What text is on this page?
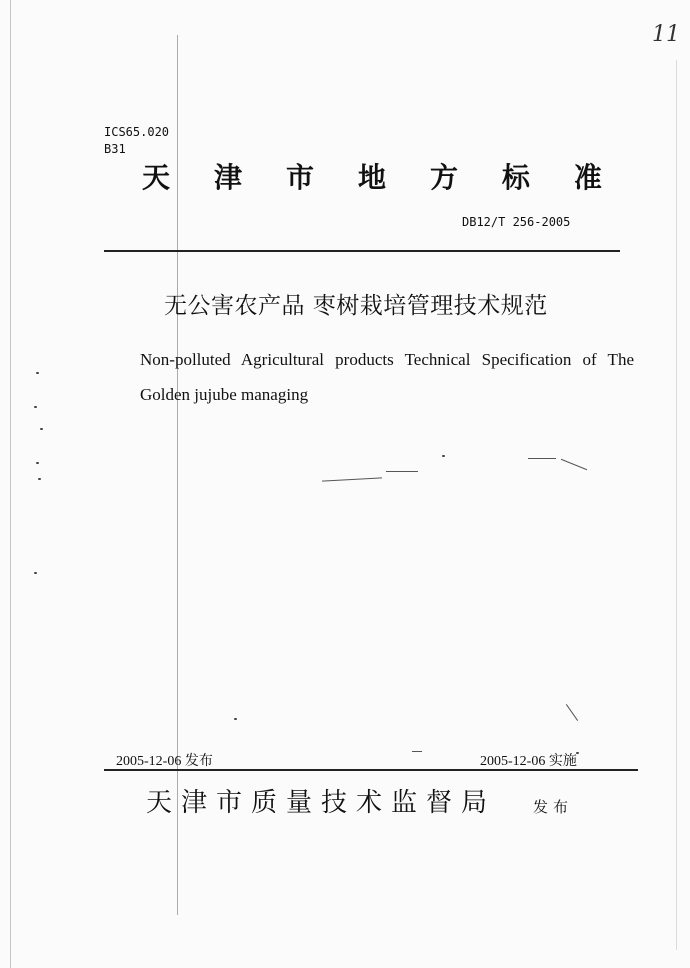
11
ICS65.020
B31
天 津 市 地 方 标 准
DB12/T 256-2005
无公害农产品 枣树栽培管理技术规范
Non-polluted Agricultural products Technical Specification of The Golden jujube managing
2005-12-06 发布	2005-12-06 实施
天津市质量技术监督局 发布
